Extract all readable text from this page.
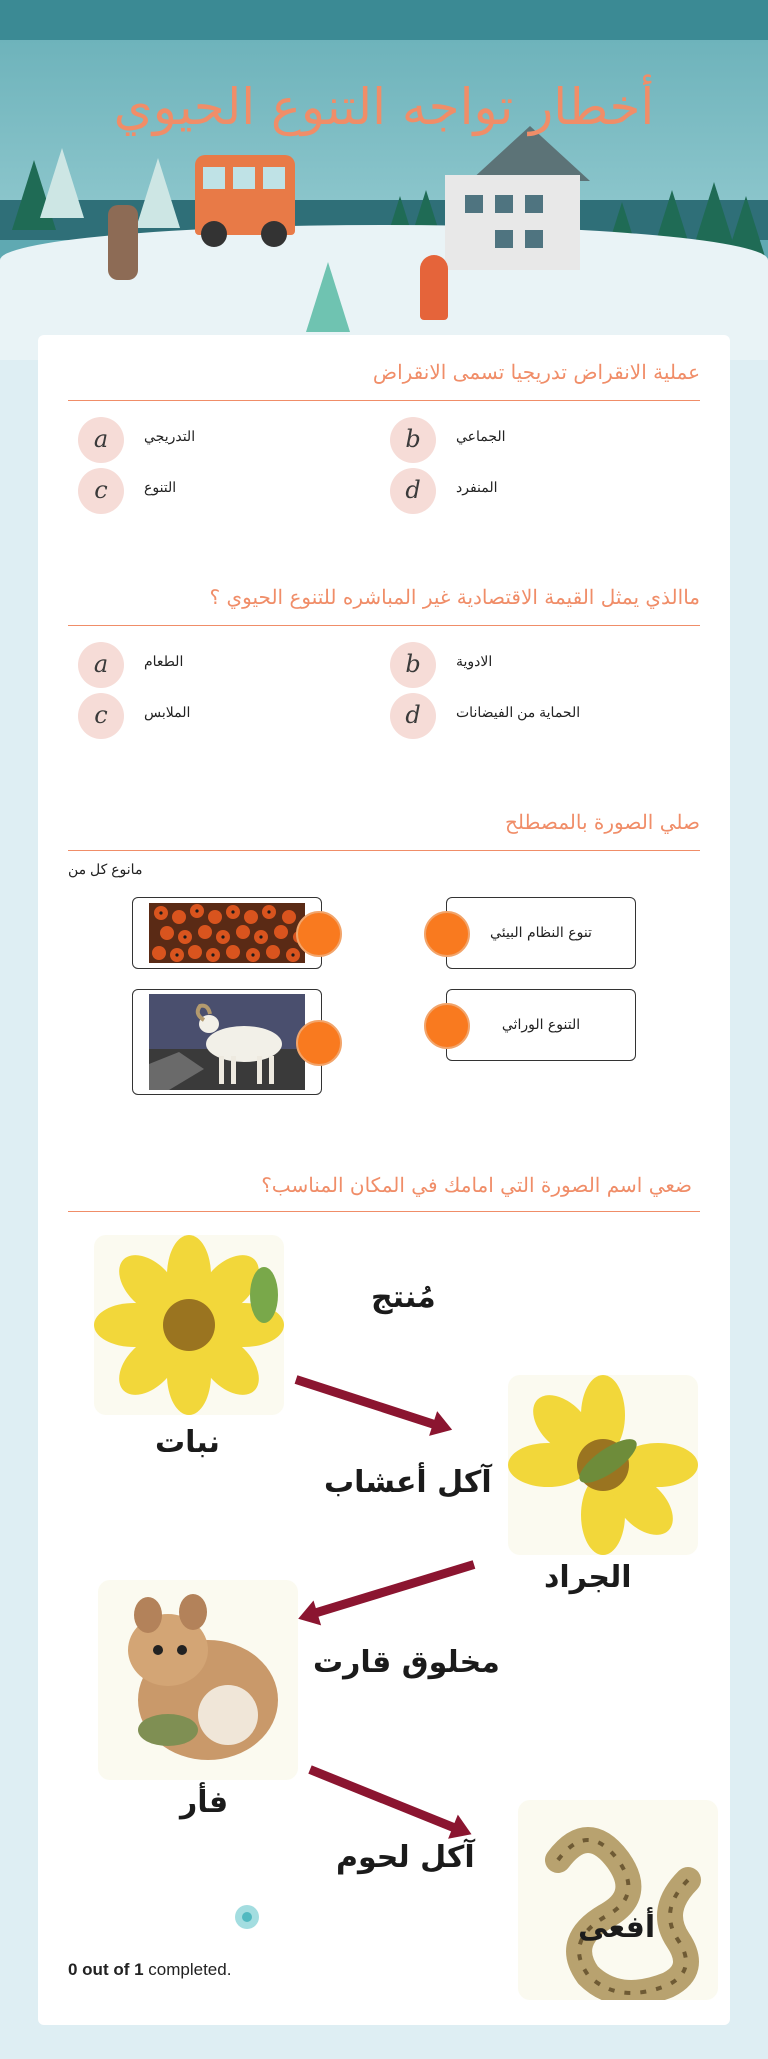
أخطار تواجه التنوع الحيوي
عملية الانقراض تدريجيا تسمى الانقراض
a	التدريجي	b	الجماعي
c	التنوع	d	المنفرد
ماالذي يمثل القيمة الاقتصادية غير المباشره للتنوع الحيوي ؟
a	الطعام	b	الادوية
c	الملابس	d	الحماية من الفيضانات
صلي الصورة بالمصطلح
مانوع كل من
تنوع النظام البيئي
التنوع الوراثي
ضعي اسم الصورة التي امامك في المكان المناسب؟
مُنتج
نبات
آكل أعشاب
الجراد
مخلوق قارت
فأر
آكل لحوم
أفعى
0 out of 1 completed.
